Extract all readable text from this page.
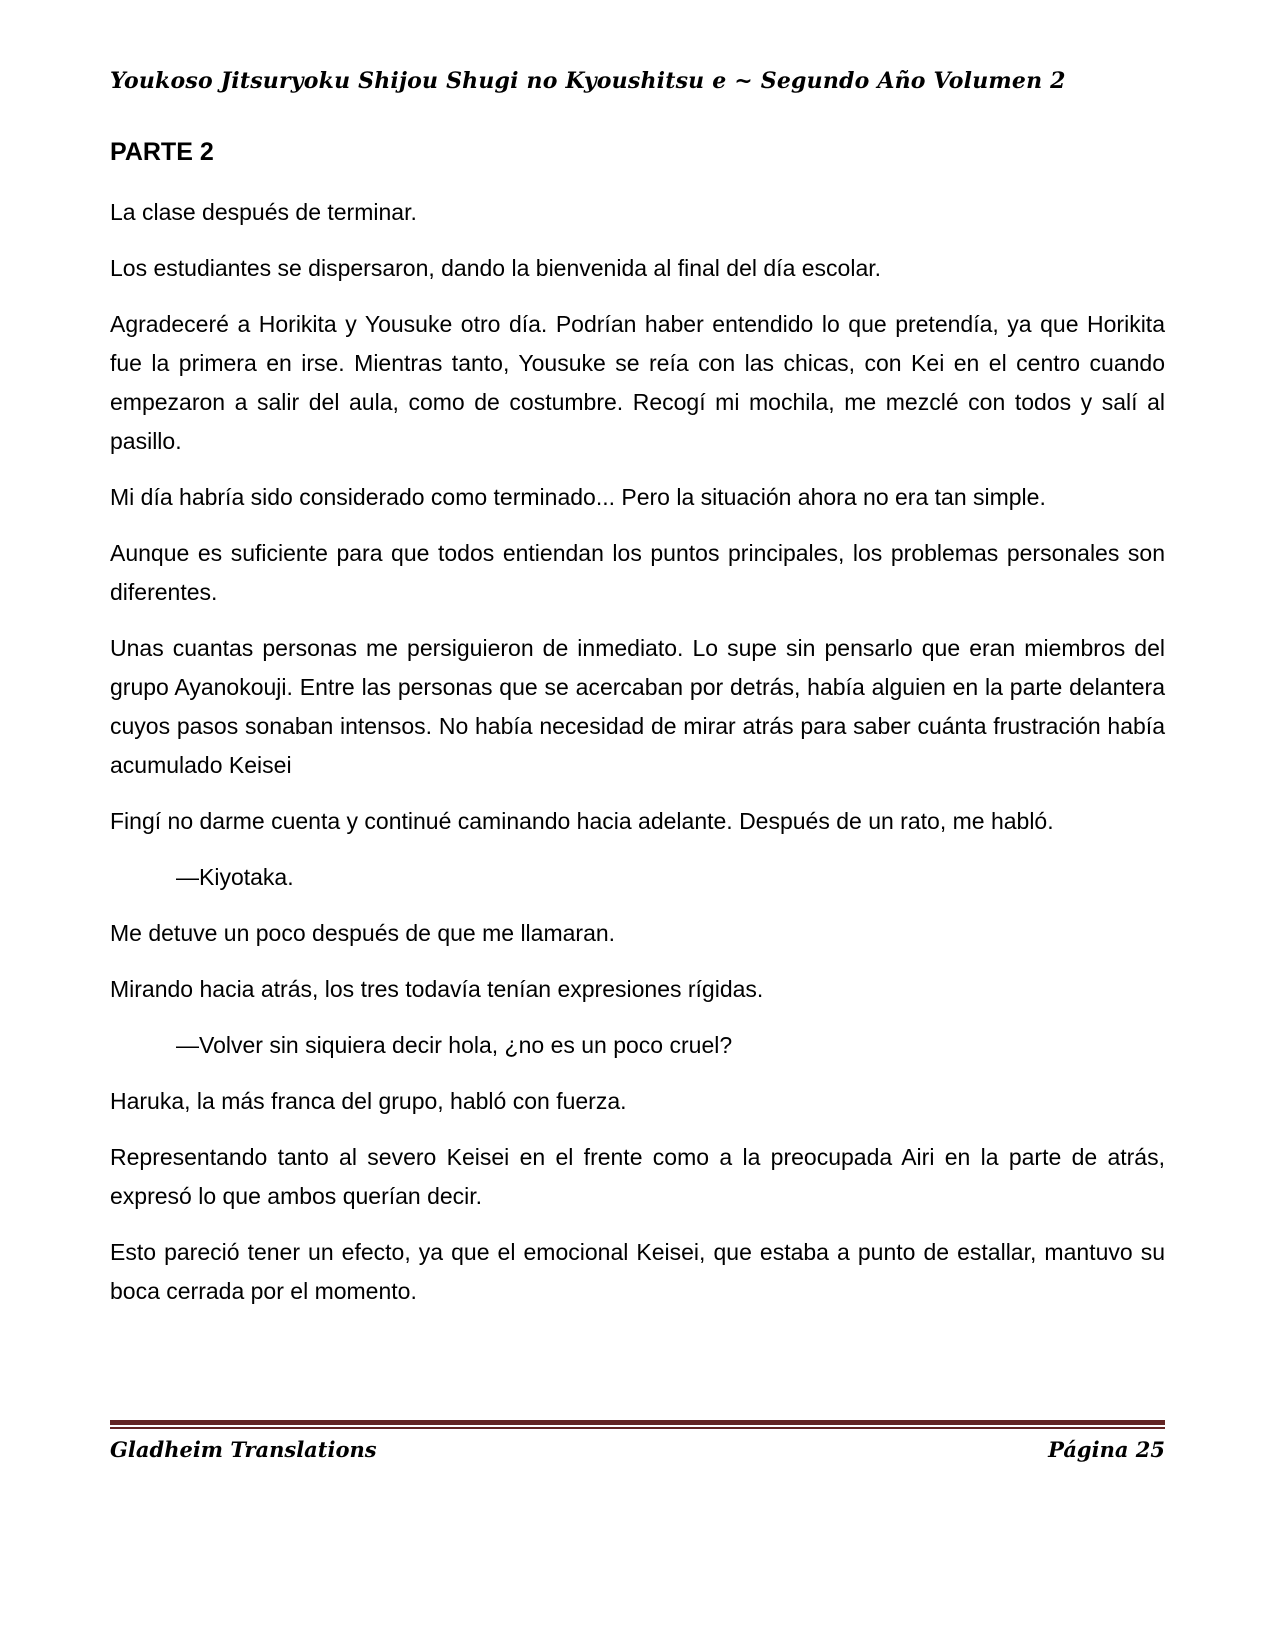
Youkoso Jitsuryoku Shijou Shugi no Kyoushitsu e ~ Segundo Año Volumen 2
PARTE 2

La clase después de terminar.

Los estudiantes se dispersaron, dando la bienvenida al final del día escolar.

Agradeceré a Horikita y Yousuke otro día. Podrían haber entendido lo que pretendía, ya que Horikita fue la primera en irse. Mientras tanto, Yousuke se reía con las chicas, con Kei en el centro cuando empezaron a salir del aula, como de costumbre. Recogí mi mochila, me mezclé con todos y salí al pasillo.

Mi día habría sido considerado como terminado... Pero la situación ahora no era tan simple.

Aunque es suficiente para que todos entiendan los puntos principales, los problemas personales son diferentes.

Unas cuantas personas me persiguieron de inmediato. Lo supe sin pensarlo que eran miembros del grupo Ayanokouji. Entre las personas que se acercaban por detrás, había alguien en la parte delantera cuyos pasos sonaban intensos. No había necesidad de mirar atrás para saber cuánta frustración había acumulado Keisei

Fingí no darme cuenta y continué caminando hacia adelante. Después de un rato, me habló.

—Kiyotaka.

Me detuve un poco después de que me llamaran.

Mirando hacia atrás, los tres todavía tenían expresiones rígidas.

—Volver sin siquiera decir hola, ¿no es un poco cruel?

Haruka, la más franca del grupo, habló con fuerza.

Representando tanto al severo Keisei en el frente como a la preocupada Airi en la parte de atrás, expresó lo que ambos querían decir.

Esto pareció tener un efecto, ya que el emocional Keisei, que estaba a punto de estallar, mantuvo su boca cerrada por el momento.

Gladheim Translations	Página 25
